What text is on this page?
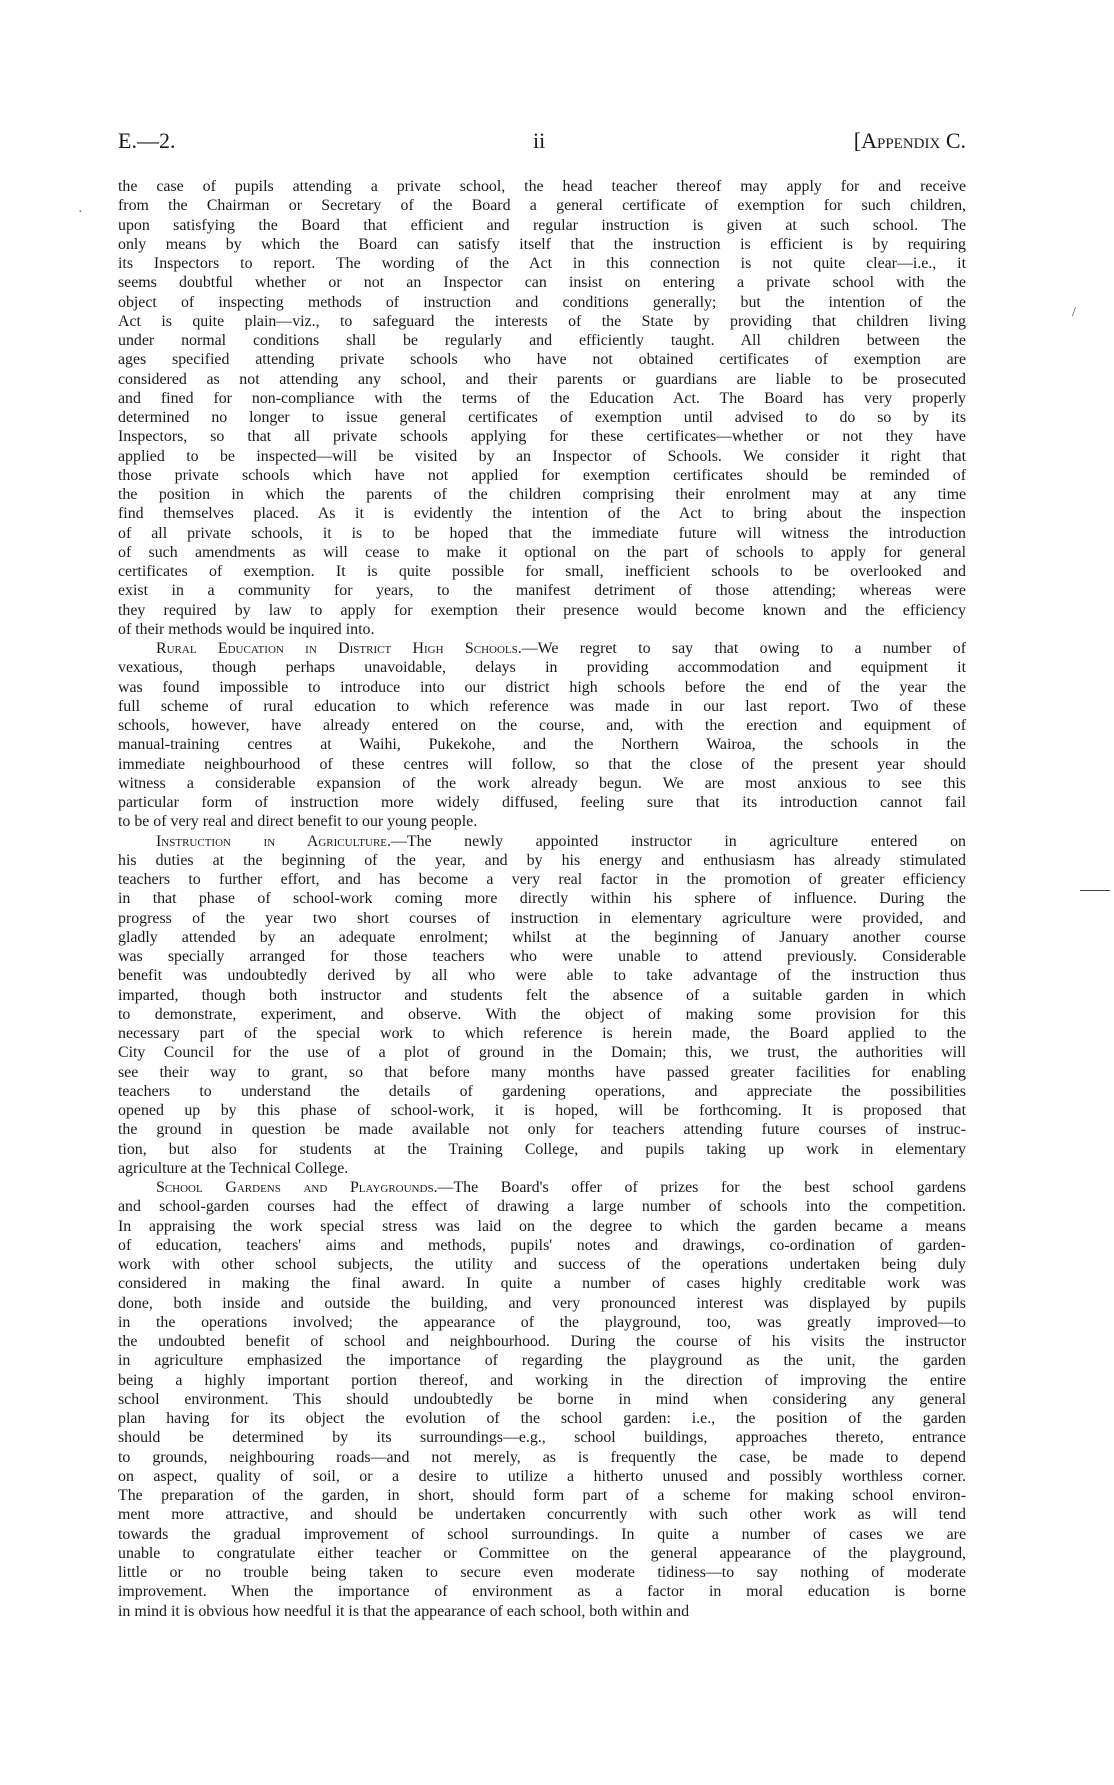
E.—2.	ii	[Appendix C.
the case of pupils attending a private school, the head teacher thereof may apply for and receive
from the Chairman or Secretary of the Board a general certificate of exemption for such children,
upon satisfying the Board that efficient and regular instruction is given at such school. The
only means by which the Board can satisfy itself that the instruction is efficient is by requiring
its Inspectors to report. The wording of the Act in this connection is not quite clear—i.e., it
seems doubtful whether or not an Inspector can insist on entering a private school with the
object of inspecting methods of instruction and conditions generally; but the intention of the
Act is quite plain—viz., to safeguard the interests of the State by providing that children living
under normal conditions shall be regularly and efficiently taught. All children between the
ages specified attending private schools who have not obtained certificates of exemption are
considered as not attending any school, and their parents or guardians are liable to be prosecuted
and fined for non-compliance with the terms of the Education Act. The Board has very properly
determined no longer to issue general certificates of exemption until advised to do so by its
Inspectors, so that all private schools applying for these certificates—whether or not they have
applied to be inspected—will be visited by an Inspector of Schools. We consider it right that
those private schools which have not applied for exemption certificates should be reminded of
the position in which the parents of the children comprising their enrolment may at any time
find themselves placed. As it is evidently the intention of the Act to bring about the inspection
of all private schools, it is to be hoped that the immediate future will witness the introduction
of such amendments as will cease to make it optional on the part of schools to apply for general
certificates of exemption. It is quite possible for small, inefficient schools to be overlooked and
exist in a community for years, to the manifest detriment of those attending; whereas were
they required by law to apply for exemption their presence would become known and the efficiency
of their methods would be inquired into.
Rural Education in District High Schools.—We regret to say that owing to a number of
vexatious, though perhaps unavoidable, delays in providing accommodation and equipment it
was found impossible to introduce into our district high schools before the end of the year the
full scheme of rural education to which reference was made in our last report. Two of these
schools, however, have already entered on the course, and, with the erection and equipment of
manual-training centres at Waihi, Pukekohe, and the Northern Wairoa, the schools in the
immediate neighbourhood of these centres will follow, so that the close of the present year should
witness a considerable expansion of the work already begun. We are most anxious to see this
particular form of instruction more widely diffused, feeling sure that its introduction cannot fail
to be of very real and direct benefit to our young people.
Instruction in Agriculture.—The newly appointed instructor in agriculture entered on
his duties at the beginning of the year, and by his energy and enthusiasm has already stimulated
teachers to further effort, and has become a very real factor in the promotion of greater efficiency
in that phase of school-work coming more directly within his sphere of influence. During the
progress of the year two short courses of instruction in elementary agriculture were provided, and
gladly attended by an adequate enrolment; whilst at the beginning of January another course
was specially arranged for those teachers who were unable to attend previously. Considerable
benefit was undoubtedly derived by all who were able to take advantage of the instruction thus
imparted, though both instructor and students felt the absence of a suitable garden in which
to demonstrate, experiment, and observe. With the object of making some provision for this
necessary part of the special work to which reference is herein made, the Board applied to the
City Council for the use of a plot of ground in the Domain; this, we trust, the authorities will
see their way to grant, so that before many months have passed greater facilities for enabling
teachers to understand the details of gardening operations, and appreciate the possibilities
opened up by this phase of school-work, it is hoped, will be forthcoming. It is proposed that
the ground in question be made available not only for teachers attending future courses of instruc-
tion, but also for students at the Training College, and pupils taking up work in elementary
agriculture at the Technical College.
School Gardens and Playgrounds.—The Board's offer of prizes for the best school gardens
and school-garden courses had the effect of drawing a large number of schools into the competition.
In appraising the work special stress was laid on the degree to which the garden became a means
of education, teachers' aims and methods, pupils' notes and drawings, co-ordination of garden-
work with other school subjects, the utility and success of the operations undertaken being duly
considered in making the final award. In quite a number of cases highly creditable work was
done, both inside and outside the building, and very pronounced interest was displayed by pupils
in the operations involved; the appearance of the playground, too, was greatly improved—to
the undoubted benefit of school and neighbourhood. During the course of his visits the instructor
in agriculture emphasized the importance of regarding the playground as the unit, the garden
being a highly important portion thereof, and working in the direction of improving the entire
school environment. This should undoubtedly be borne in mind when considering any general
plan having for its object the evolution of the school garden: i.e., the position of the garden
should be determined by its surroundings—e.g., school buildings, approaches thereto, entrance
to grounds, neighbouring roads—and not merely, as is frequently the case, be made to depend
on aspect, quality of soil, or a desire to utilize a hitherto unused and possibly worthless corner.
The preparation of the garden, in short, should form part of a scheme for making school environ-
ment more attractive, and should be undertaken concurrently with such other work as will tend
towards the gradual improvement of school surroundings. In quite a number of cases we are
unable to congratulate either teacher or Committee on the general appearance of the playground,
little or no trouble being taken to secure even moderate tidiness—to say nothing of moderate
improvement. When the importance of environment as a factor in moral education is borne
in mind it is obvious how needful it is that the appearance of each school, both within and
·
/
